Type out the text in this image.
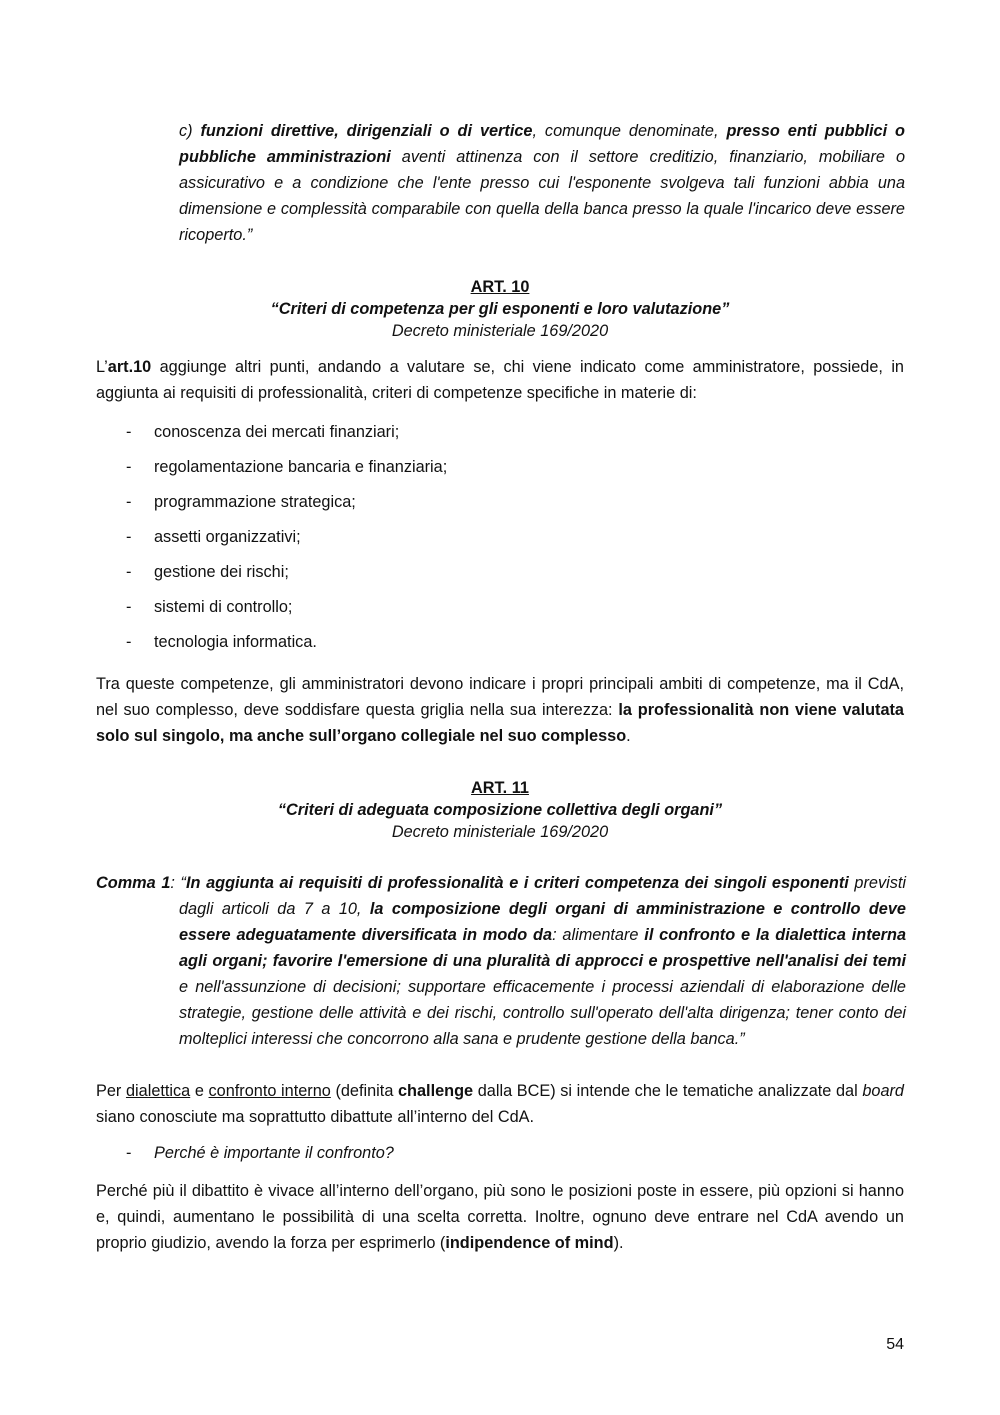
c) funzioni direttive, dirigenziali o di vertice, comunque denominate, presso enti pubblici o pubbliche amministrazioni aventi attinenza con il settore creditizio, finanziario, mobiliare o assicurativo e a condizione che l'ente presso cui l'esponente svolgeva tali funzioni abbia una dimensione e complessità comparabile con quella della banca presso la quale l'incarico deve essere ricoperto.”

ART. 10
“Criteri di competenza per gli esponenti e loro valutazione”
Decreto ministeriale 169/2020

L’art.10 aggiunge altri punti, andando a valutare se, chi viene indicato come amministratore, possiede, in aggiunta ai requisiti di professionalità, criteri di competenze specifiche in materie di:

- conoscenza dei mercati finanziari;
- regolamentazione bancaria e finanziaria;
- programmazione strategica;
- assetti organizzativi;
- gestione dei rischi;
- sistemi di controllo;
- tecnologia informatica.

Tra queste competenze, gli amministratori devono indicare i propri principali ambiti di competenze, ma il CdA, nel suo complesso, deve soddisfare questa griglia nella sua interezza: la professionalità non viene valutata solo sul singolo, ma anche sull’organo collegiale nel suo complesso.

ART. 11
“Criteri di adeguata composizione collettiva degli organi”
Decreto ministeriale 169/2020

Comma 1: “In aggiunta ai requisiti di professionalità e i criteri competenza dei singoli esponenti previsti dagli articoli da 7 a 10, la composizione degli organi di amministrazione e controllo deve essere adeguatamente diversificata in modo da: alimentare il confronto e la dialettica interna agli organi; favorire l'emersione di una pluralità di approcci e prospettive nell'analisi dei temi e nell'assunzione di decisioni; supportare efficacemente i processi aziendali di elaborazione delle strategie, gestione delle attività e dei rischi, controllo sull'operato dell'alta dirigenza; tener conto dei molteplici interessi che concorrono alla sana e prudente gestione della banca.”

Per dialettica e confronto interno (definita challenge dalla BCE) si intende che le tematiche analizzate dal board siano conosciute ma soprattutto dibattute all’interno del CdA.

- Perché è importante il confronto?

Perché più il dibattito è vivace all’interno dell’organo, più sono le posizioni poste in essere, più opzioni si hanno e, quindi, aumentano le possibilità di una scelta corretta. Inoltre, ognuno deve entrare nel CdA avendo un proprio giudizio, avendo la forza per esprimerlo (indipendence of mind).

54
